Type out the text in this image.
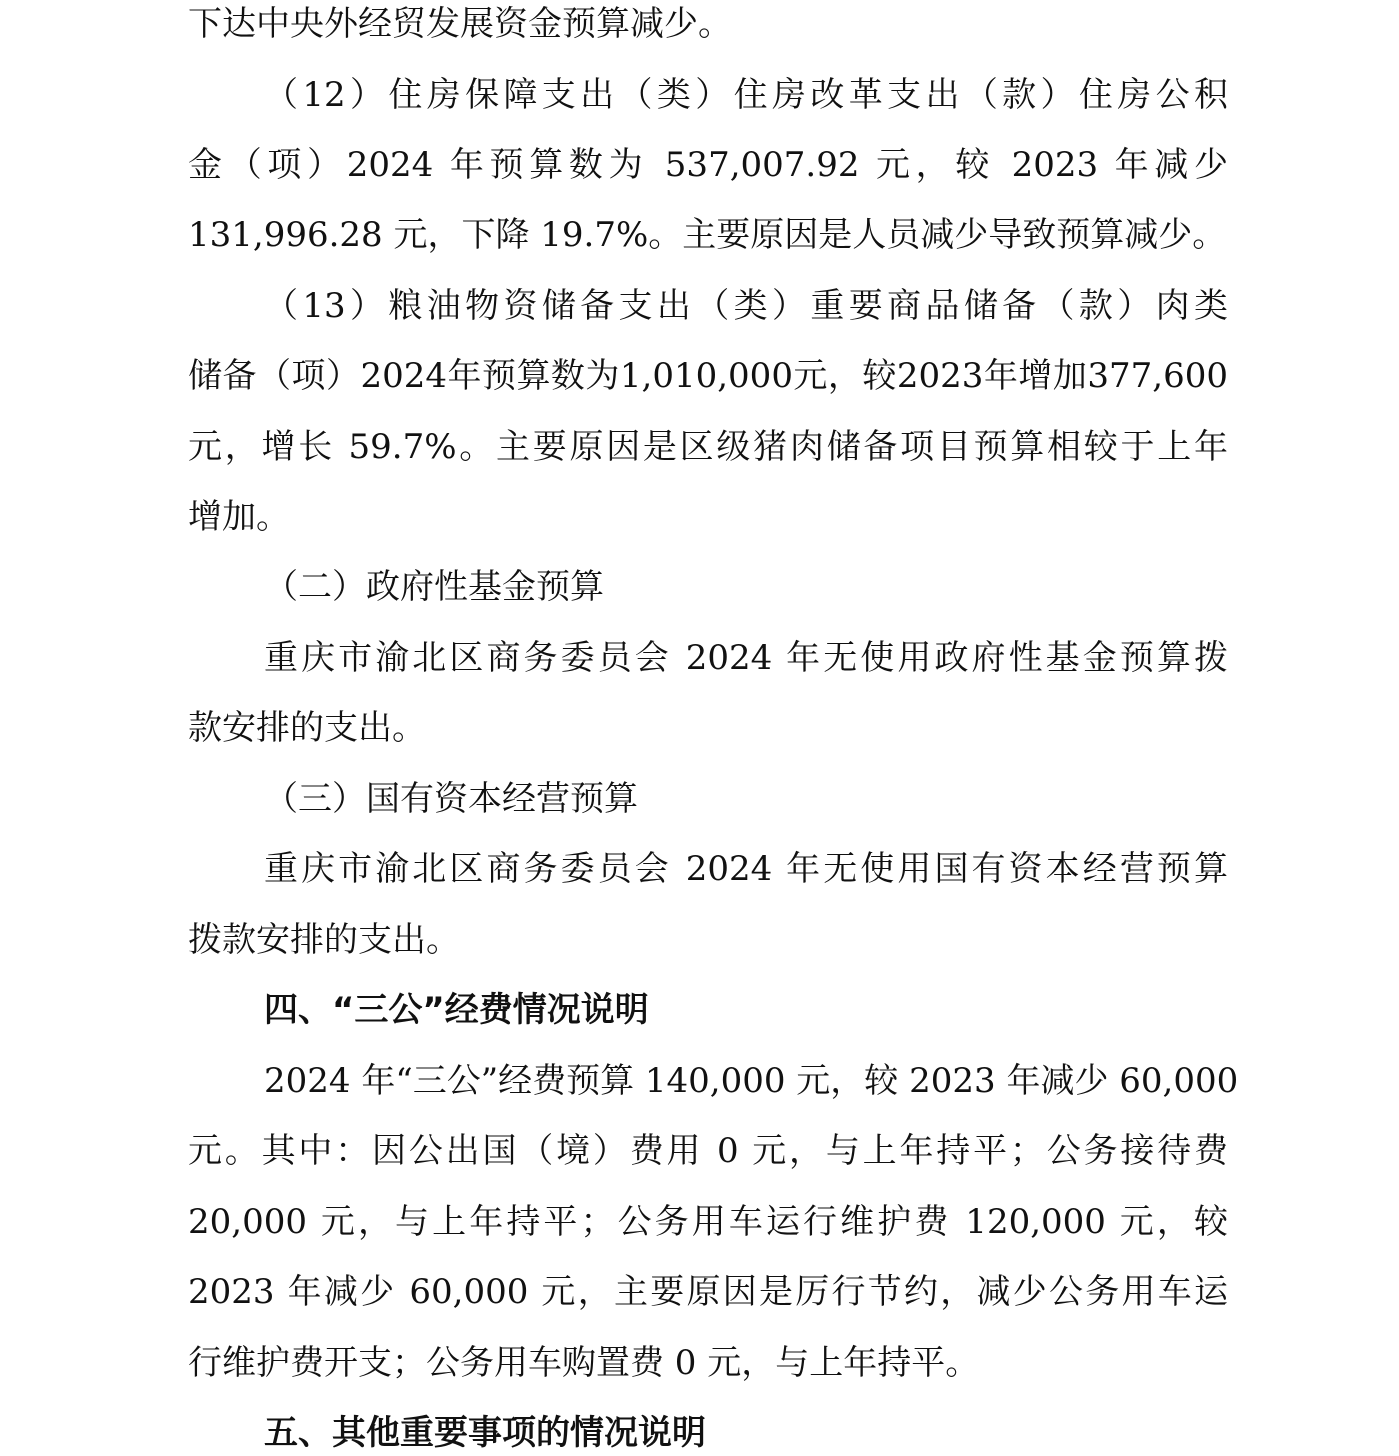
下达中央外经贸发展资金预算减少。
（12）住房保障支出（类）住房改革支出（款）住房公积
金（项）2024 年预算数为 537,007.92 元，较 2023 年减少
131,996.28 元，下降 19.7%。主要原因是人员减少导致预算减少。
（13）粮油物资储备支出（类）重要商品储备（款）肉类
储备（项）2024年预算数为1,010,000元，较2023年增加377,600
元，增长 59.7%。主要原因是区级猪肉储备项目预算相较于上年
增加。
（二）政府性基金预算
重庆市渝北区商务委员会 2024 年无使用政府性基金预算拨
款安排的支出。
（三）国有资本经营预算
重庆市渝北区商务委员会 2024 年无使用国有资本经营预算
拨款安排的支出。
四、“三公”经费情况说明
2024 年“三公”经费预算 140,000 元，较 2023 年减少 60,000
元。其中：因公出国（境）费用 0 元，与上年持平；公务接待费
20,000 元，与上年持平；公务用车运行维护费 120,000 元，较
2023 年减少 60,000 元，主要原因是厉行节约，减少公务用车运
行维护费开支；公务用车购置费 0 元，与上年持平。
五、其他重要事项的情况说明
